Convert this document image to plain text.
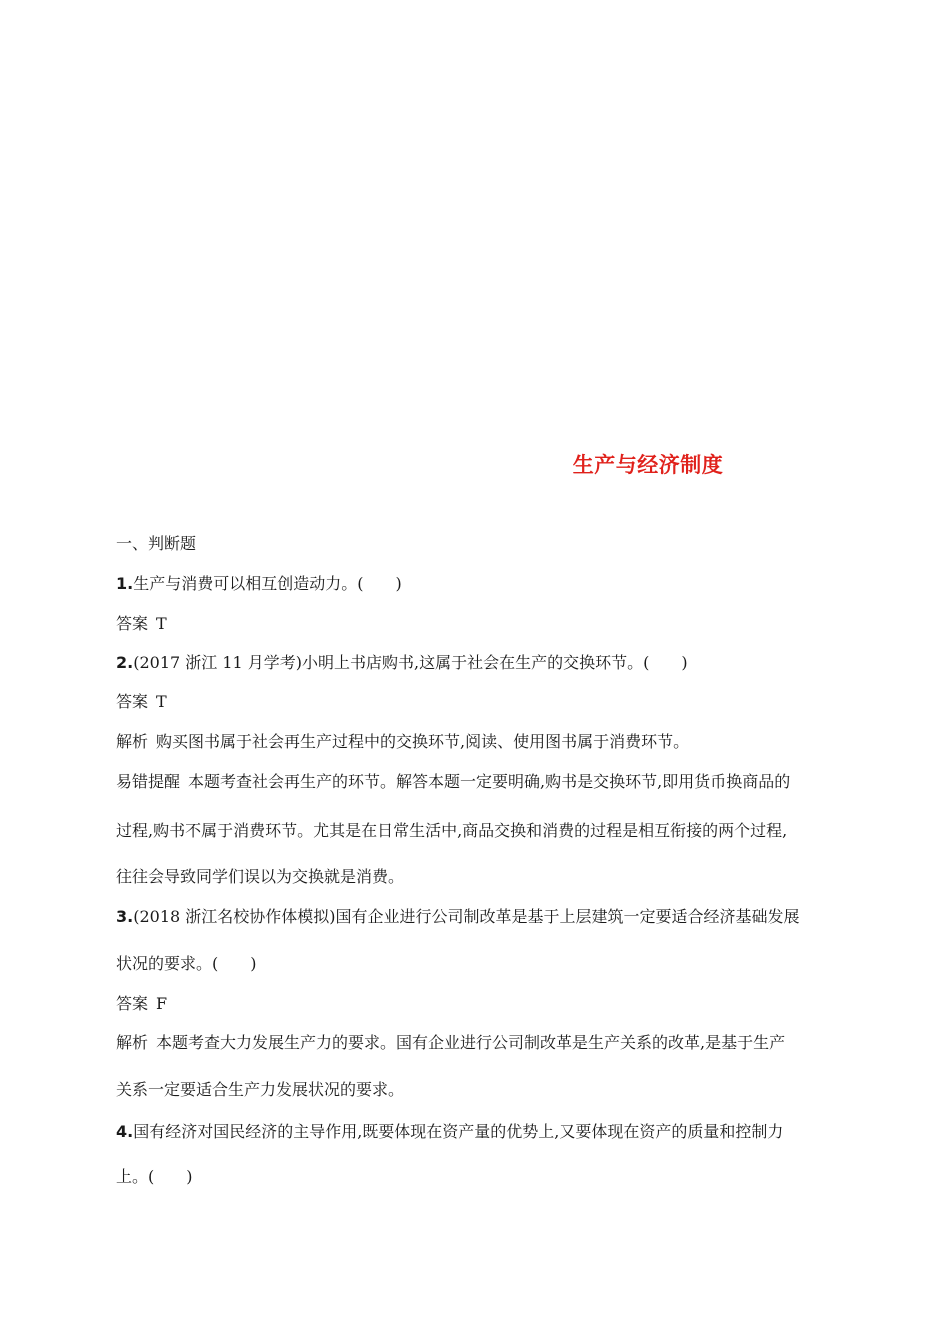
生产与经济制度
一、判断题
1.生产与消费可以相互创造动力。(　　)
答案 T
2.(2017 浙江 11 月学考)小明上书店购书,这属于社会在生产的交换环节。(　　)
答案 T
解析 购买图书属于社会再生产过程中的交换环节,阅读、使用图书属于消费环节。
易错提醒 本题考查社会再生产的环节。解答本题一定要明确,购书是交换环节,即用货币换商品的
过程,购书不属于消费环节。尤其是在日常生活中,商品交换和消费的过程是相互衔接的两个过程,
往往会导致同学们误以为交换就是消费。
3.(2018 浙江名校协作体模拟)国有企业进行公司制改革是基于上层建筑一定要适合经济基础发展
状况的要求。(　　)
答案 F
解析 本题考查大力发展生产力的要求。国有企业进行公司制改革是生产关系的改革,是基于生产
关系一定要适合生产力发展状况的要求。
4.国有经济对国民经济的主导作用,既要体现在资产量的优势上,又要体现在资产的质量和控制力
上。(　　)
